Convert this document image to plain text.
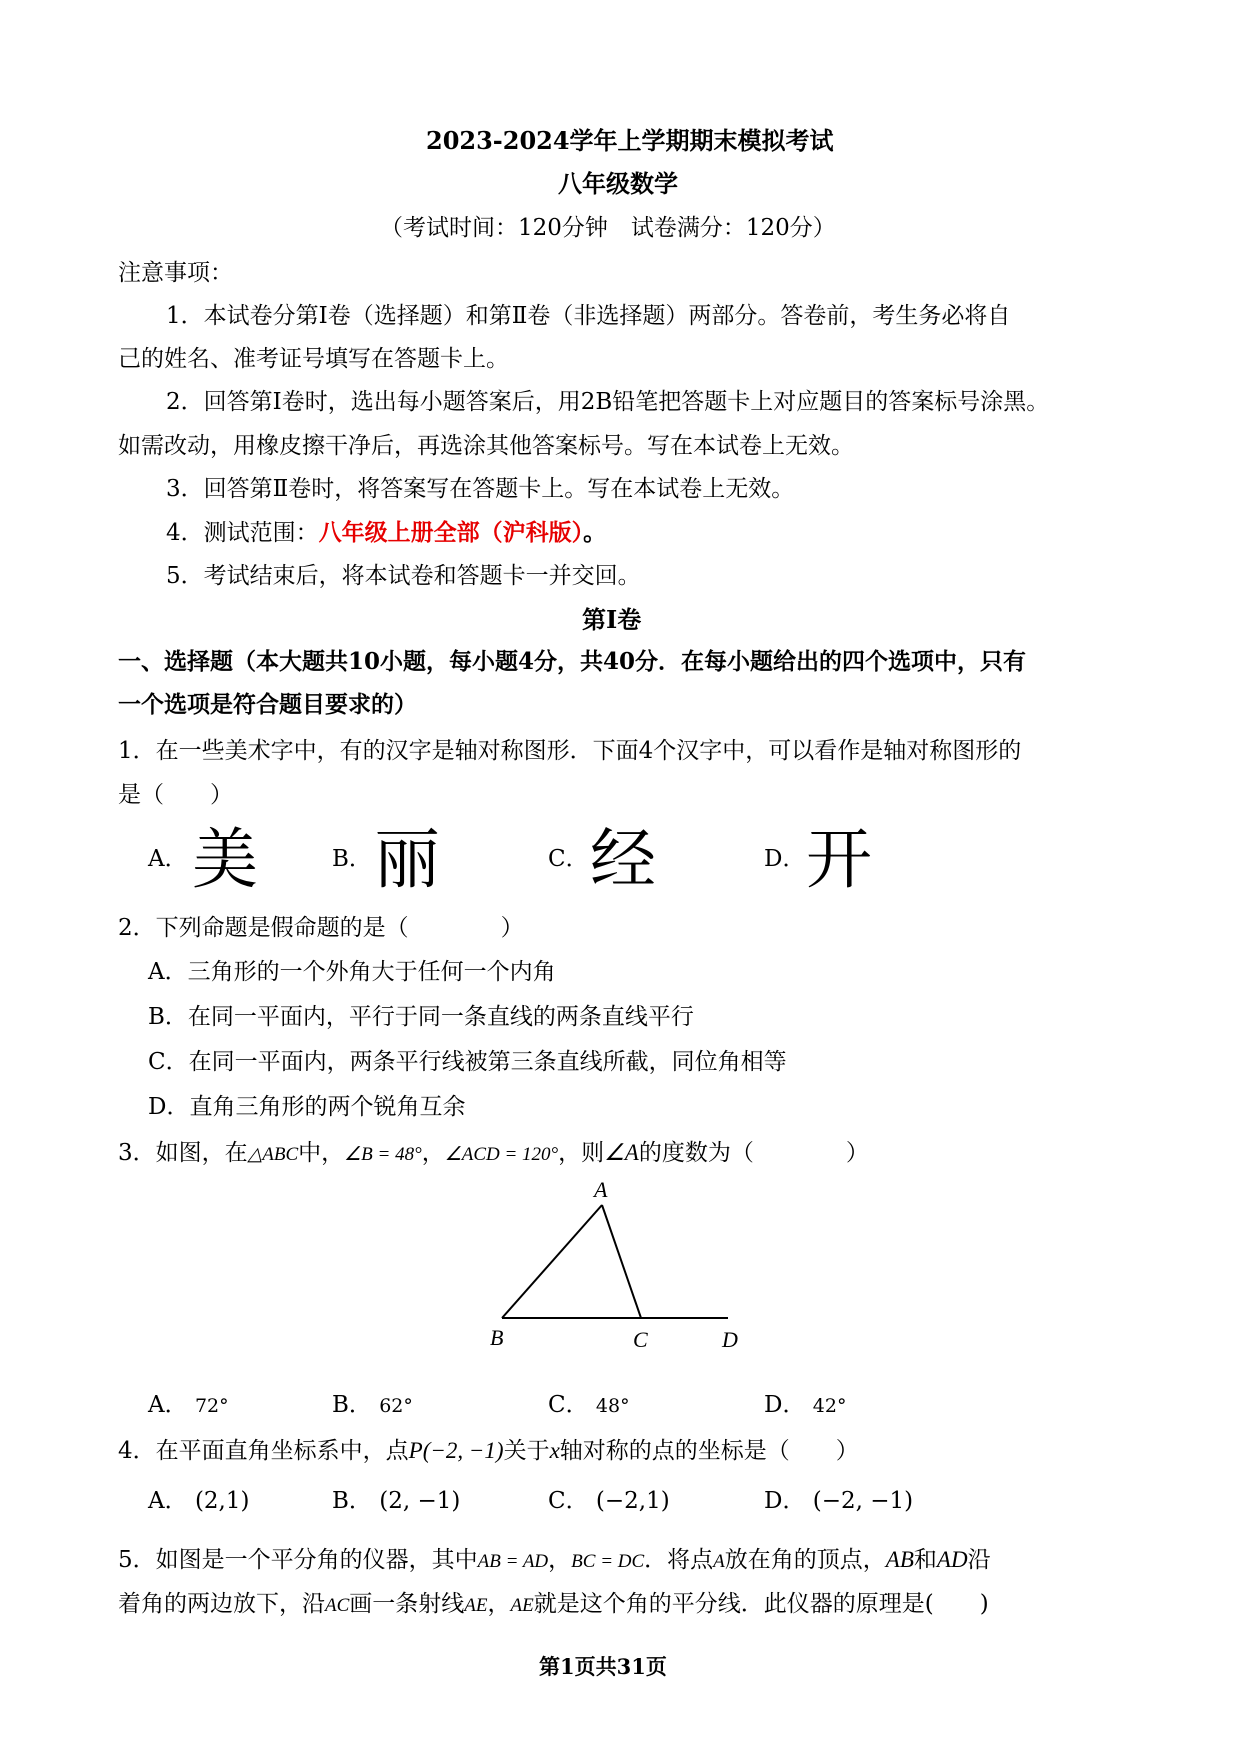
2023-2024学年上学期期末模拟考试
八年级数学
（考试时间：120分钟　试卷满分：120分）
注意事项：
1．本试卷分第Ⅰ卷（选择题）和第Ⅱ卷（非选择题）两部分。答卷前，考生务必将自
己的姓名、准考证号填写在答题卡上。
2．回答第Ⅰ卷时，选出每小题答案后，用2B铅笔把答题卡上对应题目的答案标号涂黑。
如需改动，用橡皮擦干净后，再选涂其他答案标号。写在本试卷上无效。
3．回答第Ⅱ卷时，将答案写在答题卡上。写在本试卷上无效。
4．测试范围：八年级上册全部（沪科版）。
5．考试结束后，将本试卷和答题卡一并交回。
第Ⅰ卷
一、选择题（本大题共10小题，每小题4分，共40分．在每小题给出的四个选项中，只有
一个选项是符合题目要求的）
1．在一些美术字中，有的汉字是轴对称图形．下面4个汉字中，可以看作是轴对称图形的
是（　　）
A． 美	B． 丽	C． 经	D． 开
2．下列命题是假命题的是（　　　　）
A．三角形的一个外角大于任何一个内角
B．在同一平面内，平行于同一条直线的两条直线平行
C．在同一平面内，两条平行线被第三条直线所截，同位角相等
D．直角三角形的两个锐角互余
3．如图，在△ABC中，∠B = 48°，∠ACD = 120°，则∠A的度数为（　　　　）
A
B	C	D
A． 72°	B． 62°	C． 48°	D． 42°
4．在平面直角坐标系中，点P(−2, −1)关于x轴对称的点的坐标是（　　）
A． (2,1)	B． (2, −1)	C． (−2,1)	D． (−2, −1)
5．如图是一个平分角的仪器，其中AB = AD，BC = DC．将点A放在角的顶点，AB和AD沿
着角的两边放下，沿AC画一条射线AE，AE就是这个角的平分线．此仪器的原理是(　　)
第1页共31页
